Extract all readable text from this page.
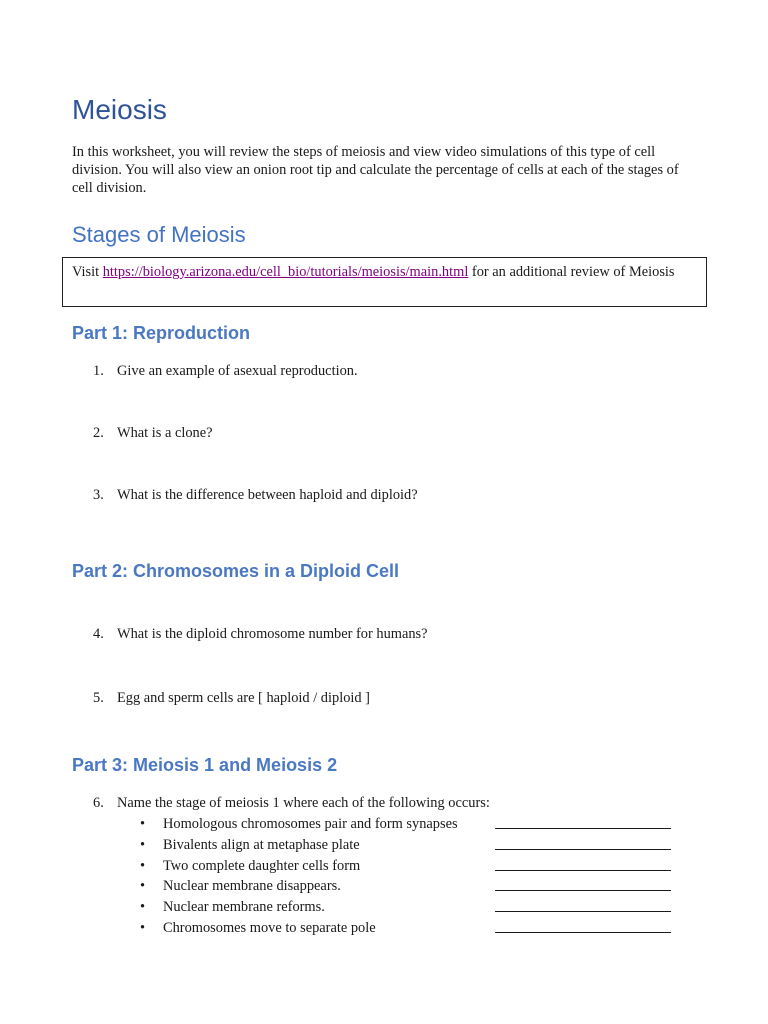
Meiosis

In this worksheet, you will review the steps of meiosis and view video simulations of this type of cell division. You will also view an onion root tip and calculate the percentage of cells at each of the stages of cell division.

Stages of Meiosis
Visit https://biology.arizona.edu/cell_bio/tutorials/meiosis/main.html for an additional review of Meiosis
Part 1: Reproduction
1. Give an example of asexual reproduction.
2. What is a clone?
3. What is the difference between haploid and diploid?
Part 2: Chromosomes in a Diploid Cell
4. What is the diploid chromosome number for humans?
5. Egg and sperm cells are [ haploid / diploid ]
Part 3: Meiosis 1 and Meiosis 2
6. Name the stage of meiosis 1 where each of the following occurs:
• Homologous chromosomes pair and form synapses
• Bivalents align at metaphase plate
• Two complete daughter cells form
• Nuclear membrane disappears.
• Nuclear membrane reforms.
• Chromosomes move to separate pole
